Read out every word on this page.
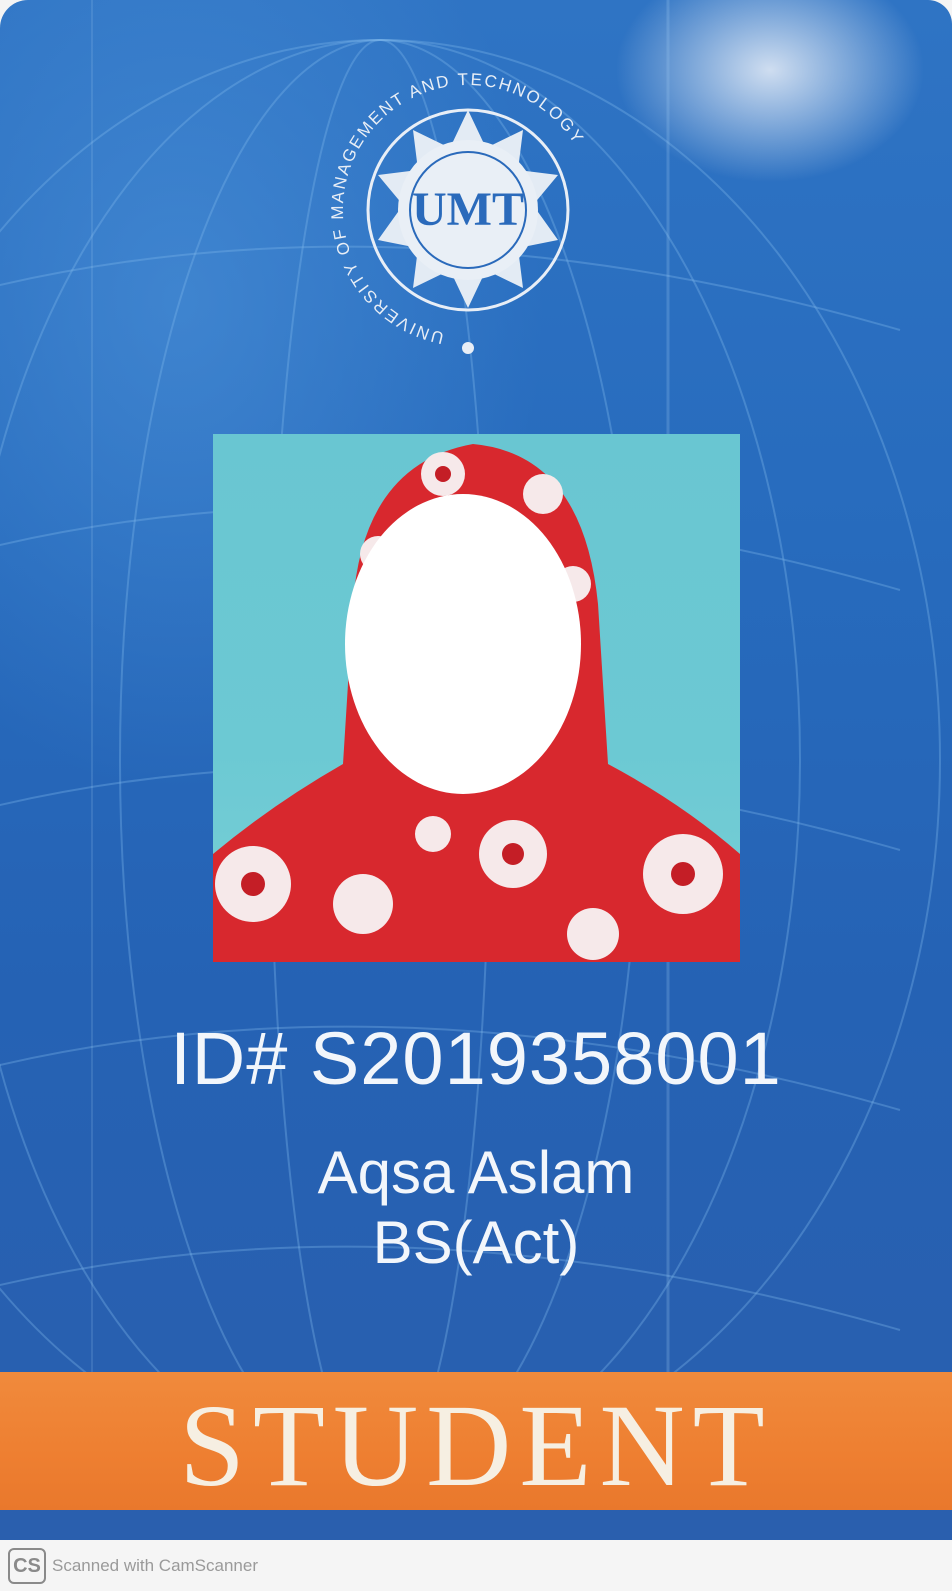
UMT
UNIVERSITY OF MANAGEMENT AND TECHNOLOGY
ID# S2019358001
Aqsa Aslam
BS(Act)
STUDENT
CS Scanned with CamScanner
